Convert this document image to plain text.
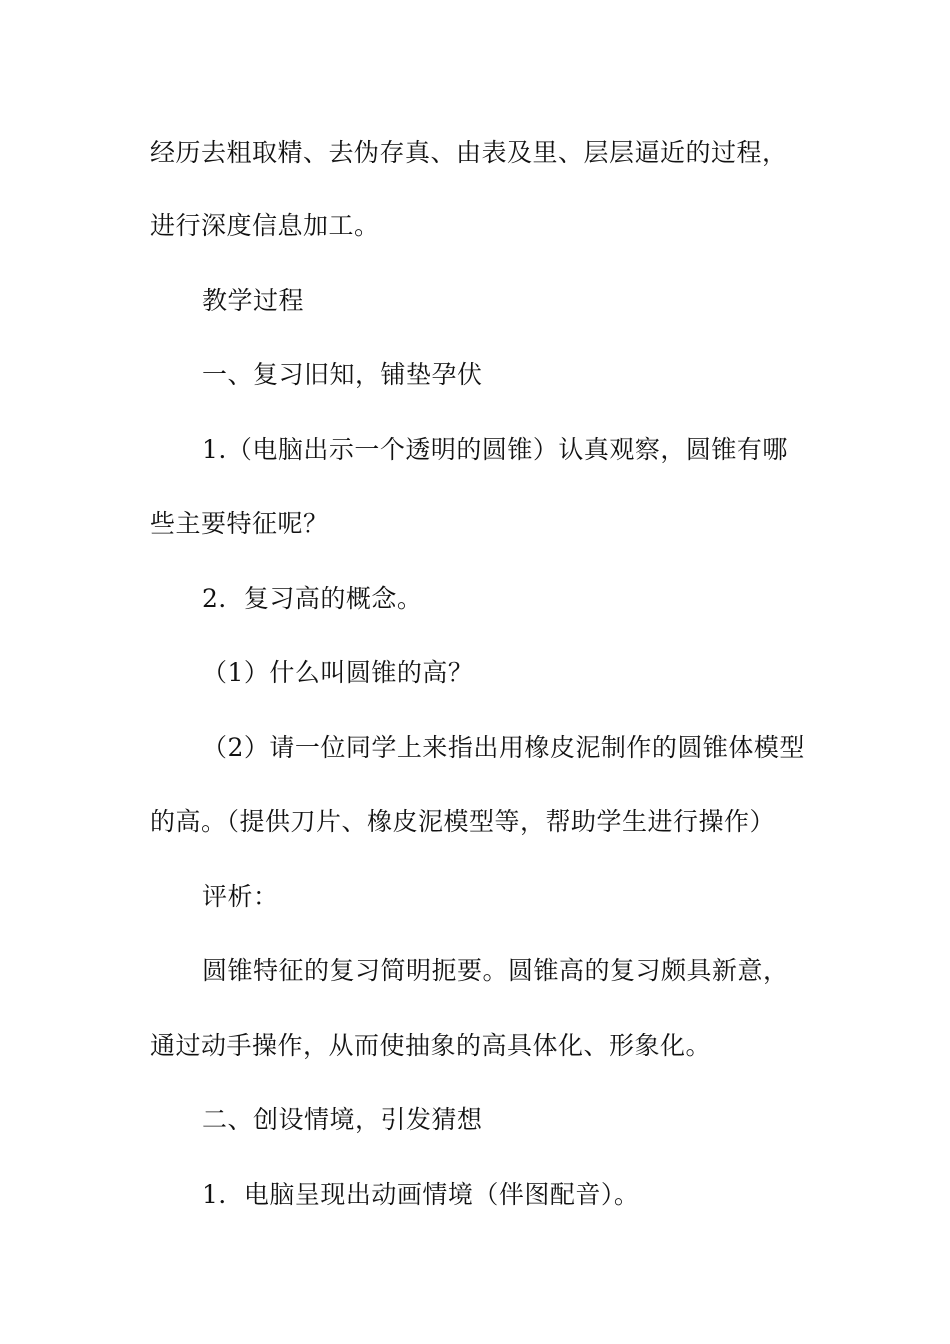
经历去粗取精、去伪存真、由表及里、层层逼近的过程，
进行深度信息加工。
教学过程
一、复习旧知，铺垫孕伏
1.（电脑出示一个透明的圆锥）认真观察，圆锥有哪
些主要特征呢？
2．复习高的概念。
（1）什么叫圆锥的高？
（2）请一位同学上来指出用橡皮泥制作的圆锥体模型
的高。（提供刀片、橡皮泥模型等，帮助学生进行操作）
评析：
圆锥特征的复习简明扼要。圆锥高的复习颇具新意，
通过动手操作，从而使抽象的高具体化、形象化。
二、创设情境，引发猜想
1．电脑呈现出动画情境（伴图配音）。
